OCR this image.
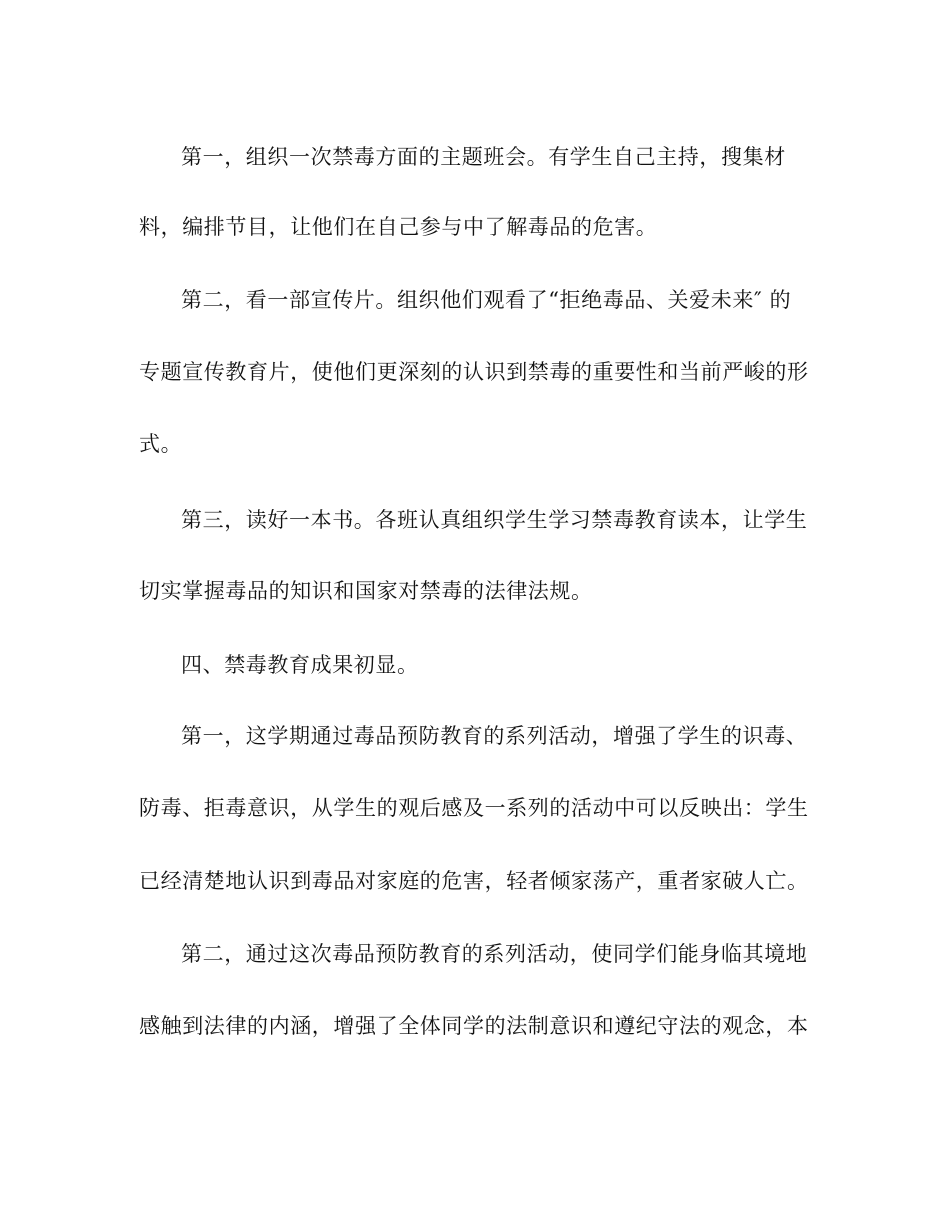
第一，组织一次禁毒方面的主题班会。有学生自己主持，搜集材
料，编排节目，让他们在自己参与中了解毒品的危害。
第二，看一部宣传片。组织他们观看了“拒绝毒品、关爱未来″ 的
专题宣传教育片，使他们更深刻的认识到禁毒的重要性和当前严峻的形
式。
第三，读好一本书。各班认真组织学生学习禁毒教育读本，让学生
切实掌握毒品的知识和国家对禁毒的法律法规。
四、禁毒教育成果初显。
第一，这学期通过毒品预防教育的系列活动，增强了学生的识毒、
防毒、拒毒意识，从学生的观后感及一系列的活动中可以反映出：学生
已经清楚地认识到毒品对家庭的危害，轻者倾家荡产，重者家破人亡。
第二，通过这次毒品预防教育的系列活动，使同学们能身临其境地
感触到法律的内涵，增强了全体同学的法制意识和遵纪守法的观念，本
